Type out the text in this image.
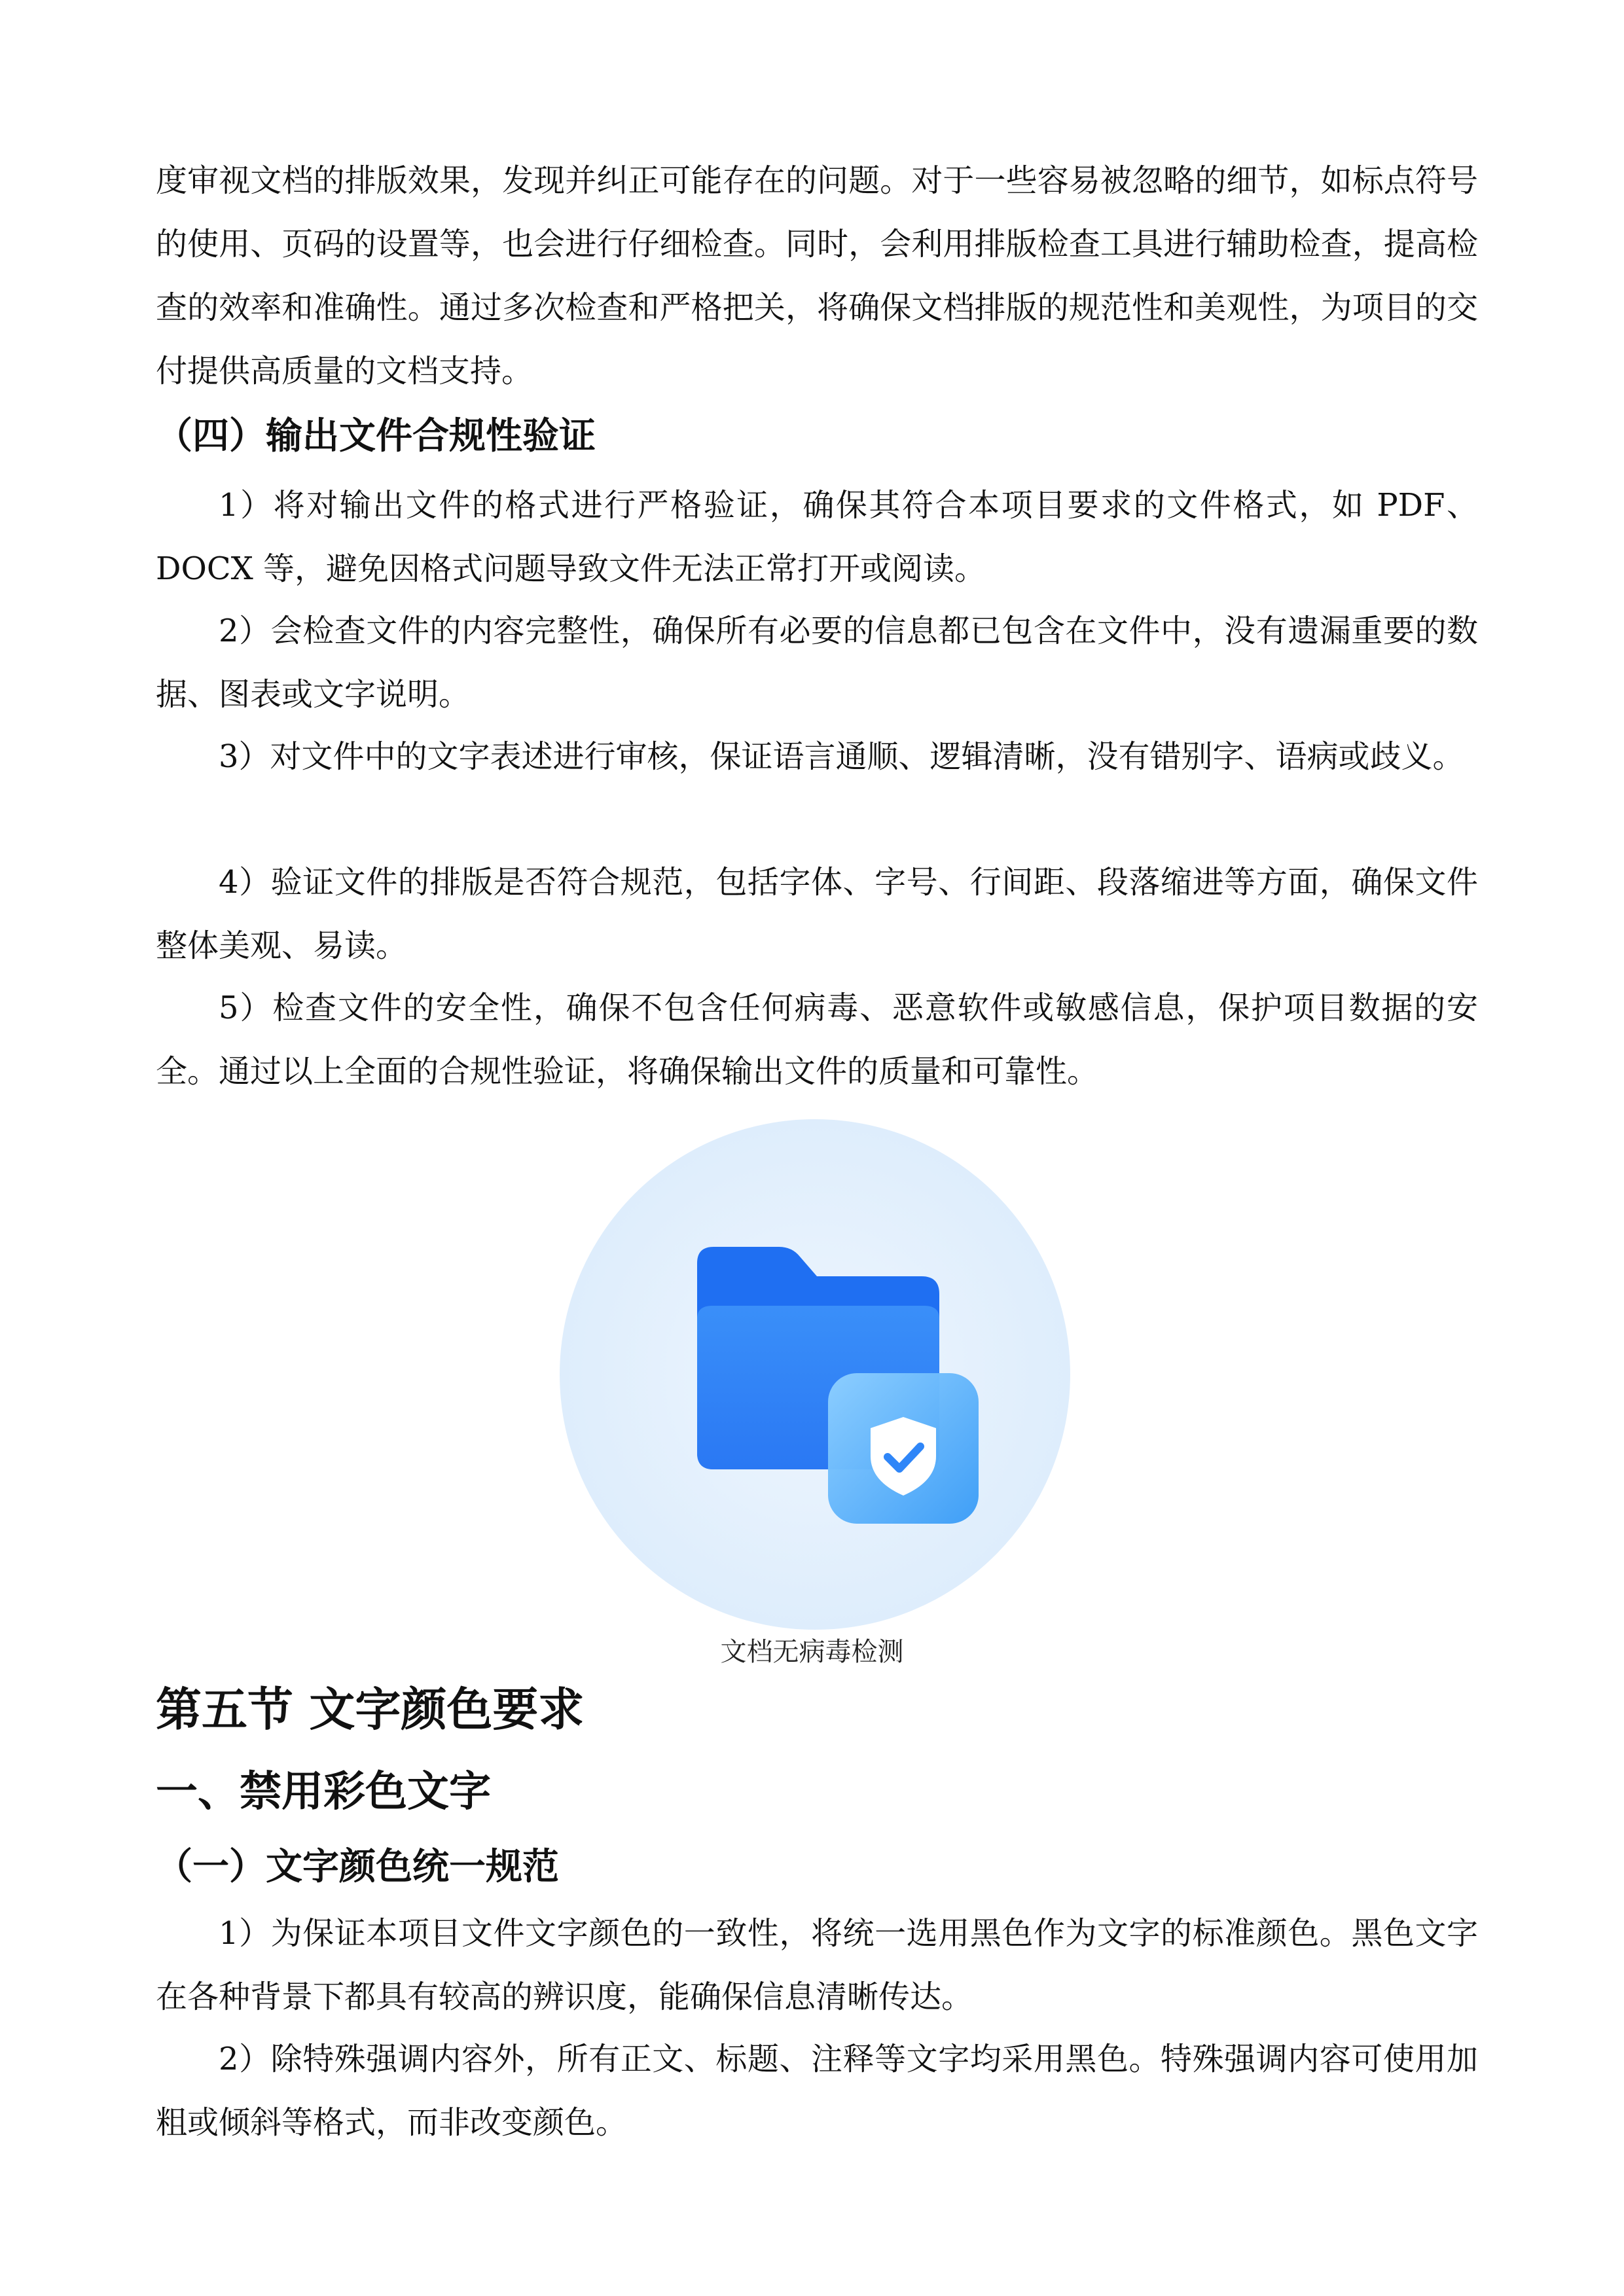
度审视文档的排版效果，发现并纠正可能存在的问题。对于一些容易被忽略的细节，如标点符号的使用、页码的设置等，也会进行仔细检查。同时，会利用排版检查工具进行辅助检查，提高检查的效率和准确性。通过多次检查和严格把关，将确保文档排版的规范性和美观性，为项目的交付提供高质量的文档支持。

（四）输出文件合规性验证

1）将对输出文件的格式进行严格验证，确保其符合本项目要求的文件格式，如 PDF、DOCX 等，避免因格式问题导致文件无法正常打开或阅读。

2）会检查文件的内容完整性，确保所有必要的信息都已包含在文件中，没有遗漏重要的数据、图表或文字说明。

3）对文件中的文字表述进行审核，保证语言通顺、逻辑清晰，没有错别字、语病或歧义。

4）验证文件的排版是否符合规范，包括字体、字号、行间距、段落缩进等方面，确保文件整体美观、易读。

5）检查文件的安全性，确保不包含任何病毒、恶意软件或敏感信息，保护项目数据的安全。通过以上全面的合规性验证，将确保输出文件的质量和可靠性。

文档无病毒检测
第五节 文字颜色要求
一、禁用彩色文字
（一）文字颜色统一规范

1）为保证本项目文件文字颜色的一致性，将统一选用黑色作为文字的标准颜色。黑色文字在各种背景下都具有较高的辨识度，能确保信息清晰传达。

2）除特殊强调内容外，所有正文、标题、注释等文字均采用黑色。特殊强调内容可使用加粗或倾斜等格式，而非改变颜色。
